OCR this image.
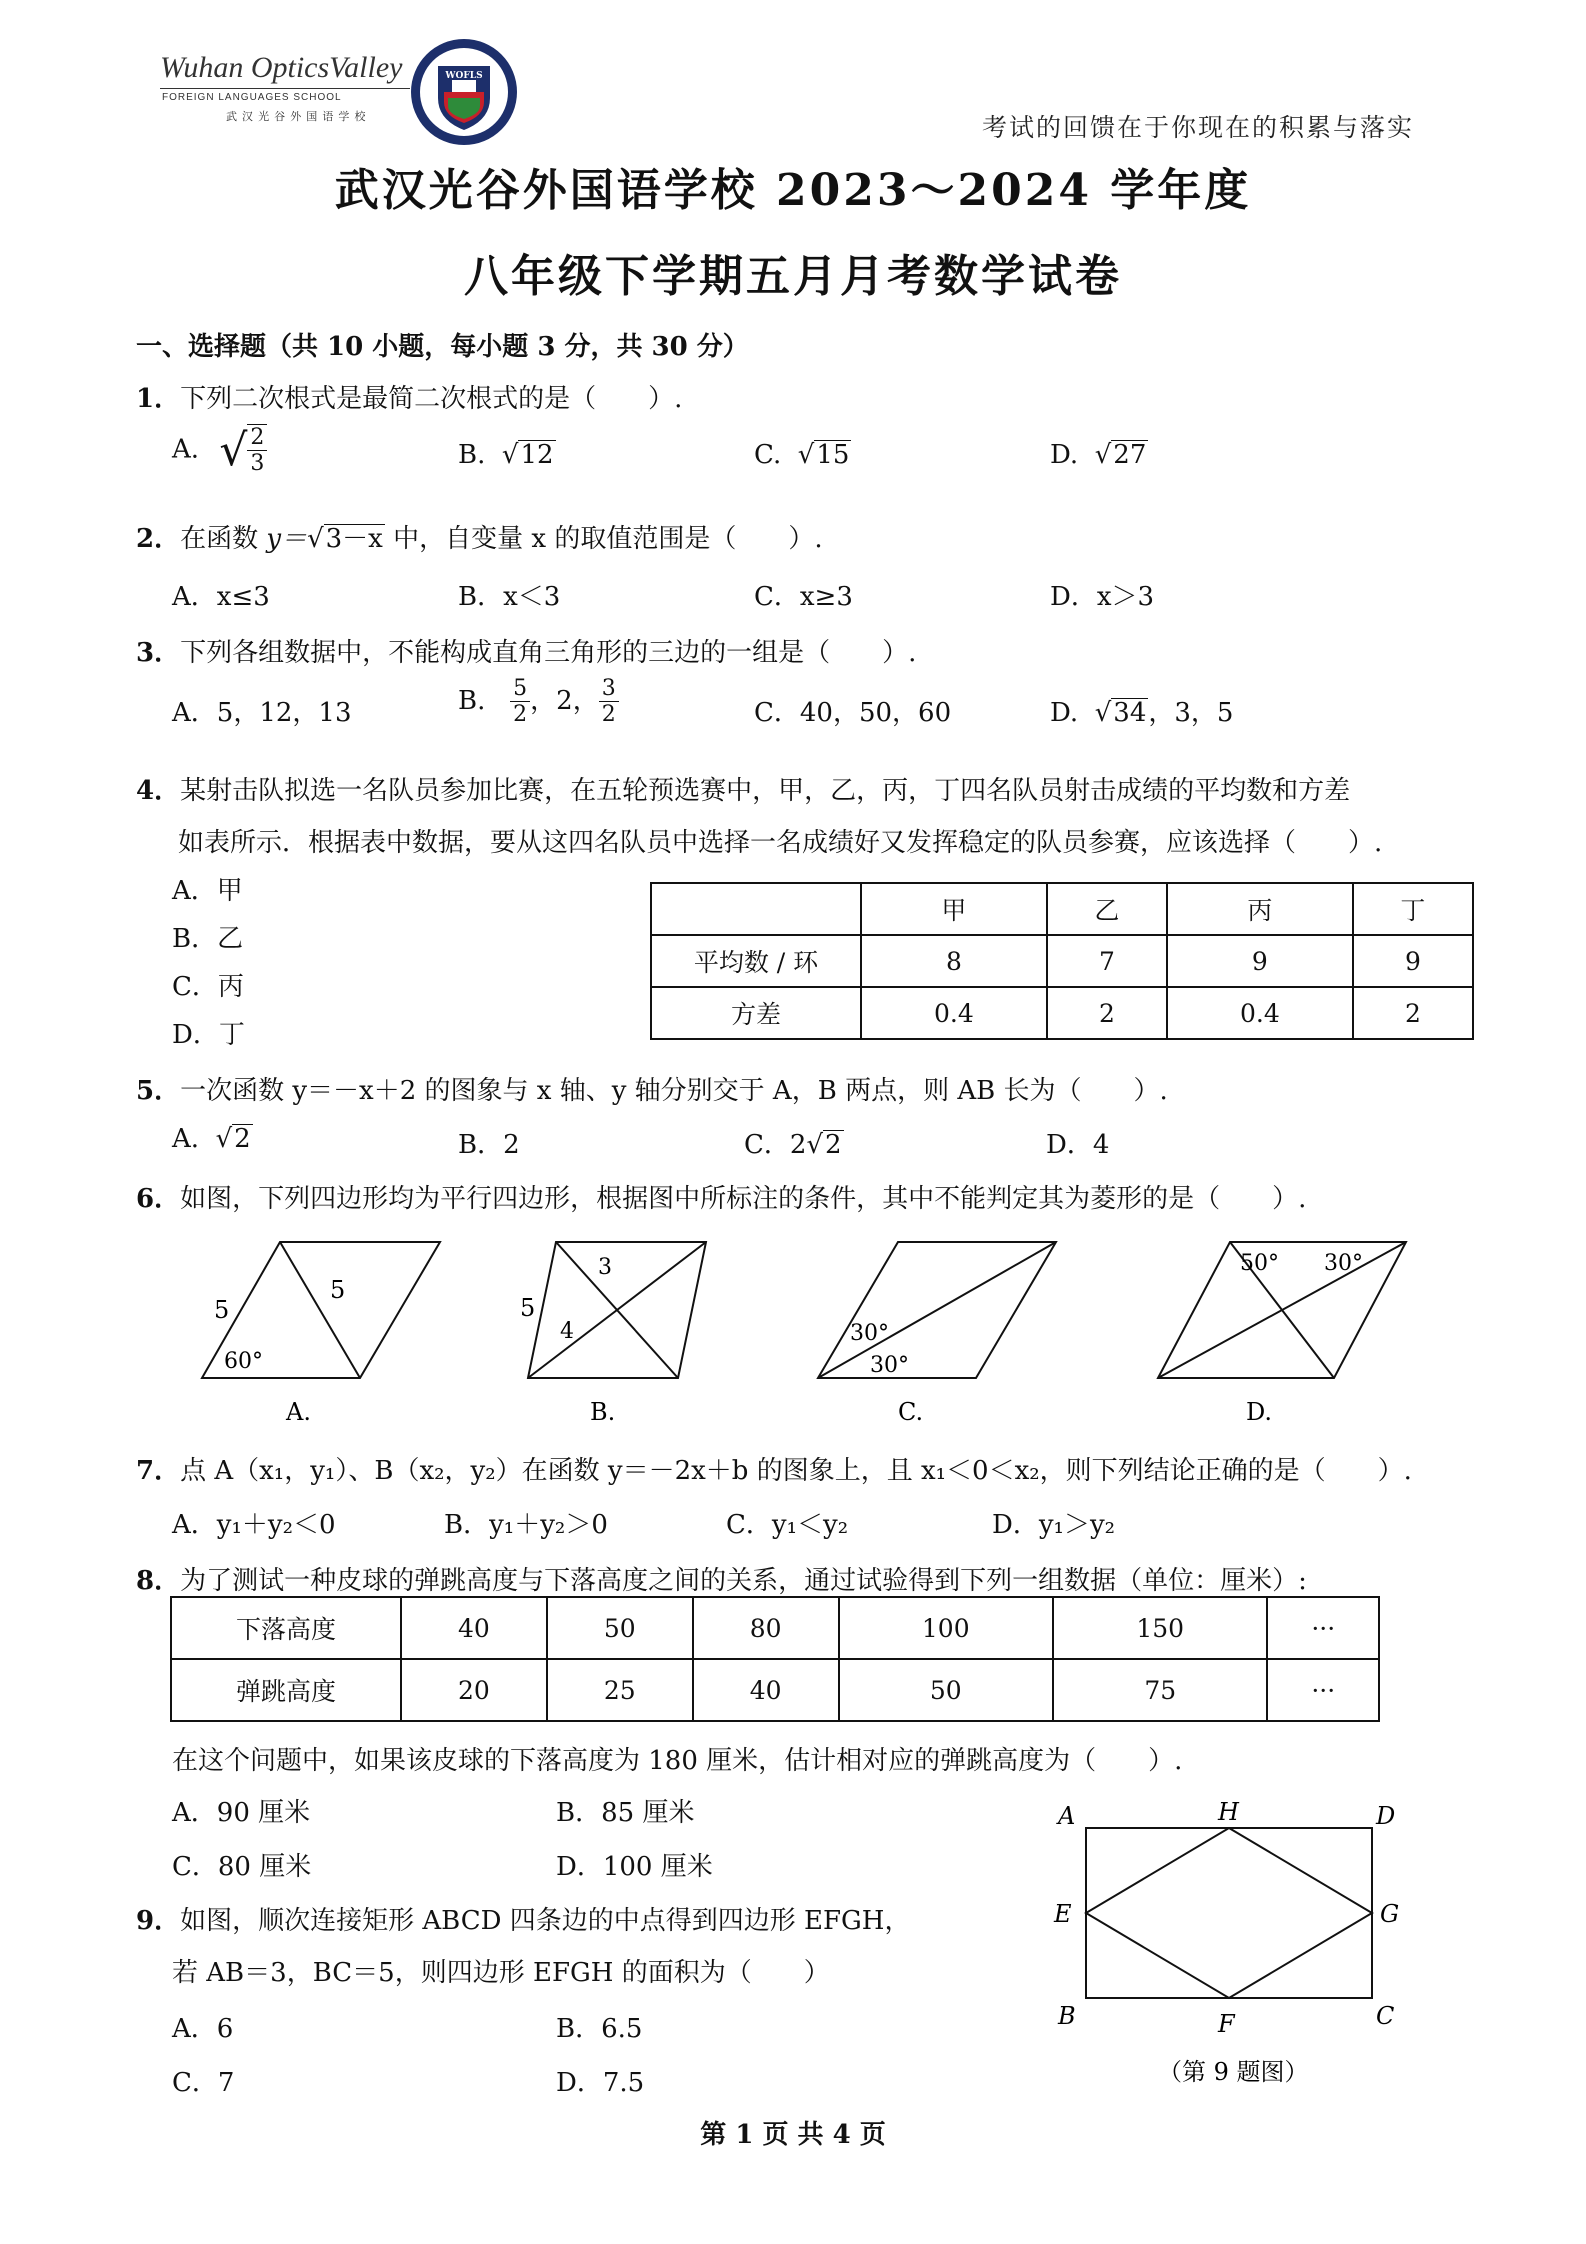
Wuhan OpticsValley
FOREIGN LANGUAGES SCHOOL
武 汉 光 谷 外 国 语 学 校
WOFLS
考试的回馈在于你现在的积累与落实
武汉光谷外国语学校 2023～2024 学年度
八年级下学期五月月考数学试卷
一、选择题（共 10 小题，每小题 3 分，共 30 分）
1．下列二次根式是最简二次根式的是（　　）.
A. √ $\frac{2}{3}$	B.  √12	C.  √15	D.  √27
2．在函数 y＝√3－x 中，自变量 x 的取值范围是（　　）.
A．x≤3	B．x＜3	C．x≥3	D．x＞3
3．下列各组数据中，不能构成直角三角形的三边的一组是（　　）.
A．5，12，13	B. $\frac{5}{2}$ ，2， $\frac{3}{2}$	C．40，50，60	D.  √34，3，5
4．某射击队拟选一名队员参加比赛，在五轮预选赛中，甲，乙，丙，丁四名队员射击成绩的平均数和方差
如表所示．根据表中数据，要从这四名队员中选择一名成绩好又发挥稳定的队员参赛，应该选择（　　）.
A．甲
B．乙
C．丙
D．丁
	甲	乙	丙	丁
平均数 / 环	8	7	9	9
方差	0.4	2	0.4	2
5．一次函数 y＝－x＋2 的图象与 x 轴、y 轴分别交于 A，B 两点，则 AB 长为（　　）.
A.  √2	B．2	C．2√2	D．4
6．如图，下列四边形均为平行四边形，根据图中所标注的条件，其中不能判定其为菱形的是（　　）.
5
5
60°
A.
5
4
3
B.
30°
30°
C.
50° 30°
D.
7．点 A（x₁，y₁）、B（x₂，y₂）在函数 y＝－2x＋b 的图象上，且 x₁＜0＜x₂，则下列结论正确的是（　　）.
A．y₁＋y₂＜0	B．y₁＋y₂＞0	C．y₁＜y₂	D．y₁＞y₂
8．为了测试一种皮球的弹跳高度与下落高度之间的关系，通过试验得到下列一组数据（单位：厘米）:
下落高度	40	50	80	100	150	···
弹跳高度	20	25	40	50	75	···
在这个问题中，如果该皮球的下落高度为 180 厘米，估计相对应的弹跳高度为（　　）.
A．90 厘米	B．85 厘米
C．80 厘米	D．100 厘米
9．如图，顺次连接矩形 ABCD 四条边的中点得到四边形 EFGH，
若 AB＝3，BC＝5，则四边形 EFGH 的面积为（　　）
A．6	B．6.5
C．7	D．7.5
A
B	C
D
E
F
G
H
（第 9 题图）
第 1 页 共 4 页
